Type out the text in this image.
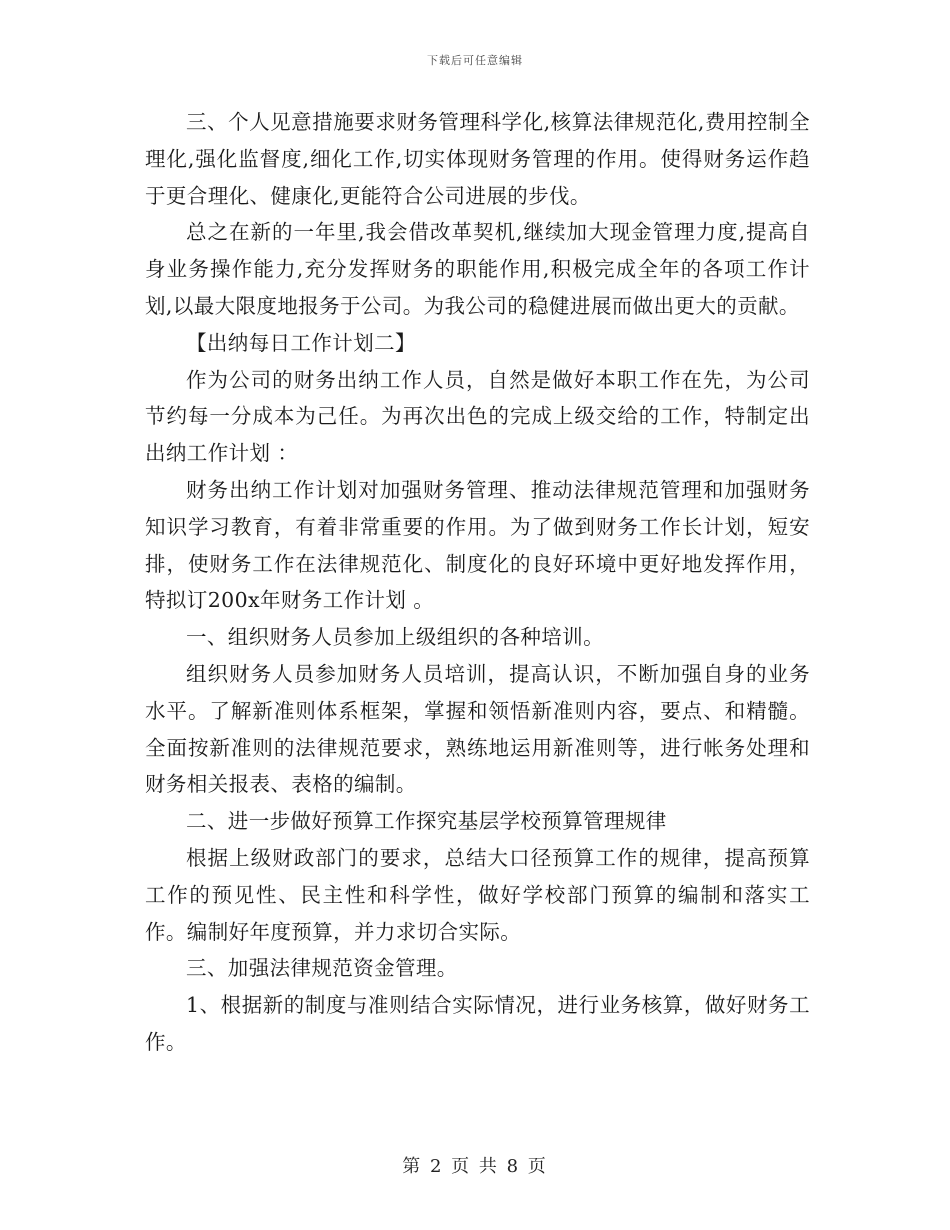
下载后可任意编辑

三、个人见意措施要求财务管理科学化,核算法律规范化,费用控制全理化,强化监督度,细化工作,切实体现财务管理的作用。使得财务运作趋于更合理化、健康化,更能符合公司进展的步伐。

总之在新的一年里,我会借改革契机,继续加大现金管理力度,提高自身业务操作能力,充分发挥财务的职能作用,积极完成全年的各项工作计划,以最大限度地报务于公司。为我公司的稳健进展而做出更大的贡献。

【出纳每日工作计划二】

作为公司的财务出纳工作人员，自然是做好本职工作在先，为公司节约每一分成本为己任。为再次出色的完成上级交给的工作，特制定出出纳工作计划 ：

财务出纳工作计划对加强财务管理、推动法律规范管理和加强财务知识学习教育，有着非常重要的作用。为了做到财务工作长计划，短安排，使财务工作在法律规范化、制度化的良好环境中更好地发挥作用，特拟订200x年财务工作计划 。

一、组织财务人员参加上级组织的各种培训。

组织财务人员参加财务人员培训，提高认识，不断加强自身的业务水平。了解新准则体系框架，掌握和领悟新准则内容，要点、和精髓。全面按新准则的法律规范要求，熟练地运用新准则等，进行帐务处理和财务相关报表、表格的编制。

二、进一步做好预算工作探究基层学校预算管理规律

根据上级财政部门的要求，总结大口径预算工作的规律，提高预算工作的预见性、民主性和科学性，做好学校部门预算的编制和落实工作。编制好年度预算，并力求切合实际。

三、加强法律规范资金管理。

1、根据新的制度与准则结合实际情况，进行业务核算，做好财务工作。

第 2 页 共 8 页
